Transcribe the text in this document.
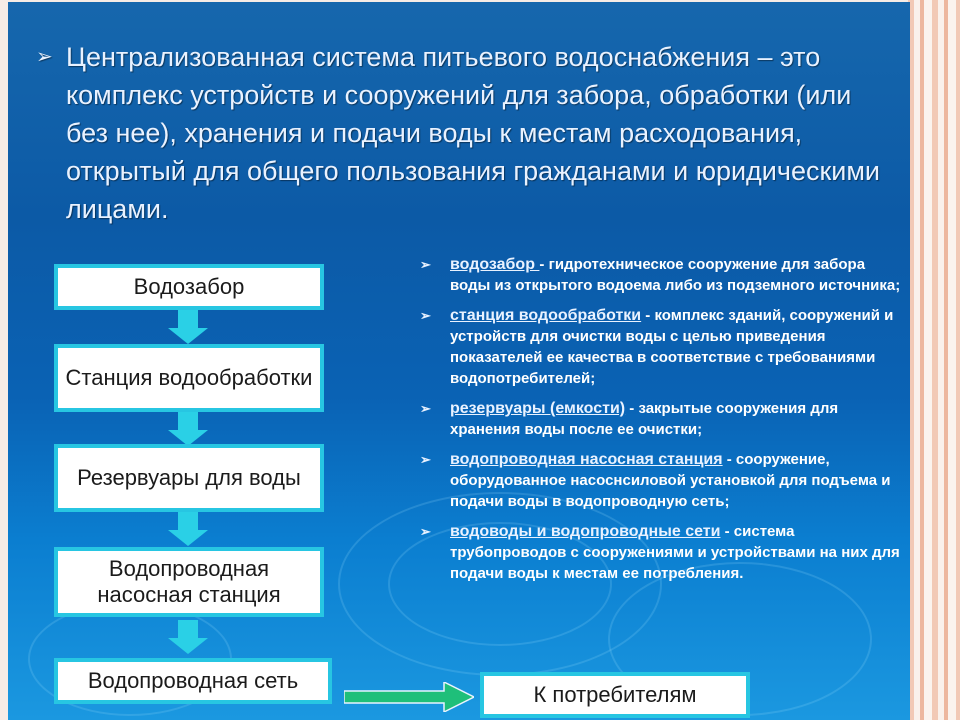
➢ Централизованная система питьевого водоснабжения – это комплекс устройств и сооружений для забора, обработки (или без нее), хранения и подачи воды к местам расходования, открытый для общего пользования гражданами и юридическими лицами.
Водозабор
Станция водообработки
Резервуары для воды
Водопроводная насосная станция
Водопроводная сеть
К потребителям
➢ водозабор - гидротехническое сооружение для забора воды из открытого водоема либо из подземного источника;
➢ станция водообработки - комплекс зданий, сооружений и устройств для очистки воды с целью приведения показателей ее качества в соответствие с требованиями водопотребителей;
➢ резервуары (емкости) - закрытые сооружения для хранения воды после ее очистки;
➢ водопроводная насосная станция - сооружение, оборудованное насоснсиловой установкой для подъема и подачи воды в водопроводную сеть;
➢ водоводы и водопроводные сети - система трубопроводов с сооружениями и устройствами на них для подачи воды к местам ее потребления.
